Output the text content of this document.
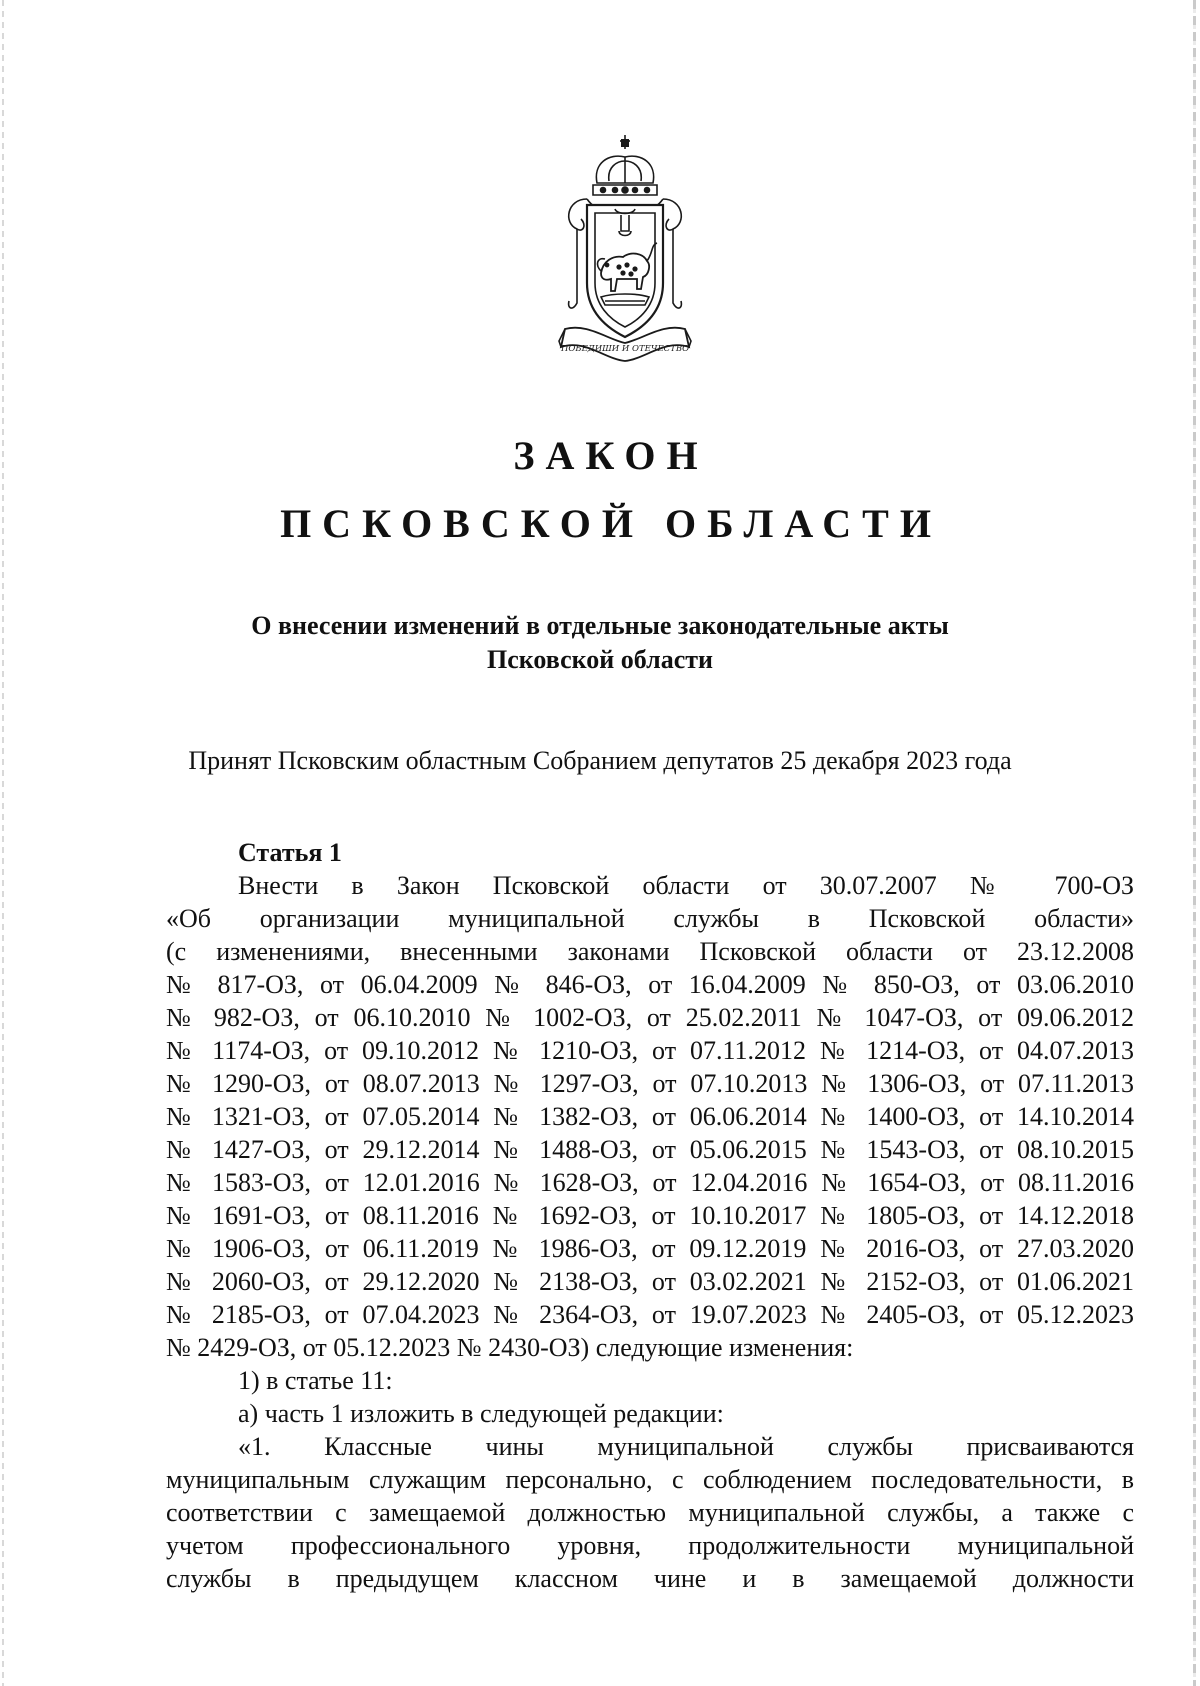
ПОБЕДИШИ И ОТЕЧЕСТВО
ЗАКОН
ПСКОВСКОЙ ОБЛАСТИ

О внесении изменений в отдельные законодательные акты

Псковской области

Принят Псковским областным Собранием депутатов 25 декабря 2023 года

Статья 1
Внести в Закон Псковской области от 30.07.2007 № 700-ОЗ
«Об организации муниципальной службы в Псковской области»
(с изменениями, внесенными законами Псковской области от 23.12.2008
№ 817-ОЗ, от 06.04.2009 № 846-ОЗ, от 16.04.2009 № 850-ОЗ, от 03.06.2010
№ 982-ОЗ, от 06.10.2010 № 1002-ОЗ, от 25.02.2011 № 1047-ОЗ, от 09.06.2012
№ 1174-ОЗ, от 09.10.2012 № 1210-ОЗ, от 07.11.2012 № 1214-ОЗ, от 04.07.2013
№ 1290-ОЗ, от 08.07.2013 № 1297-ОЗ, от 07.10.2013 № 1306-ОЗ, от 07.11.2013
№ 1321-ОЗ, от 07.05.2014 № 1382-ОЗ, от 06.06.2014 № 1400-ОЗ, от 14.10.2014
№ 1427-ОЗ, от 29.12.2014 № 1488-ОЗ, от 05.06.2015 № 1543-ОЗ, от 08.10.2015
№ 1583-ОЗ, от 12.01.2016 № 1628-ОЗ, от 12.04.2016 № 1654-ОЗ, от 08.11.2016
№ 1691-ОЗ, от 08.11.2016 № 1692-ОЗ, от 10.10.2017 № 1805-ОЗ, от 14.12.2018
№ 1906-ОЗ, от 06.11.2019 № 1986-ОЗ, от 09.12.2019 № 2016-ОЗ, от 27.03.2020
№ 2060-ОЗ, от 29.12.2020 № 2138-ОЗ, от 03.02.2021 № 2152-ОЗ, от 01.06.2021
№ 2185-ОЗ, от 07.04.2023 № 2364-ОЗ, от 19.07.2023 № 2405-ОЗ, от 05.12.2023
№ 2429-ОЗ, от 05.12.2023 № 2430-ОЗ) следующие изменения:
1) в статье 11:
а) часть 1 изложить в следующей редакции:
«1. Классные чины муниципальной службы присваиваются
муниципальным служащим персонально, с соблюдением последовательности, в
соответствии с замещаемой должностью муниципальной службы, а также с
учетом профессионального уровня, продолжительности муниципальной
службы в предыдущем классном чине и в замещаемой должности
